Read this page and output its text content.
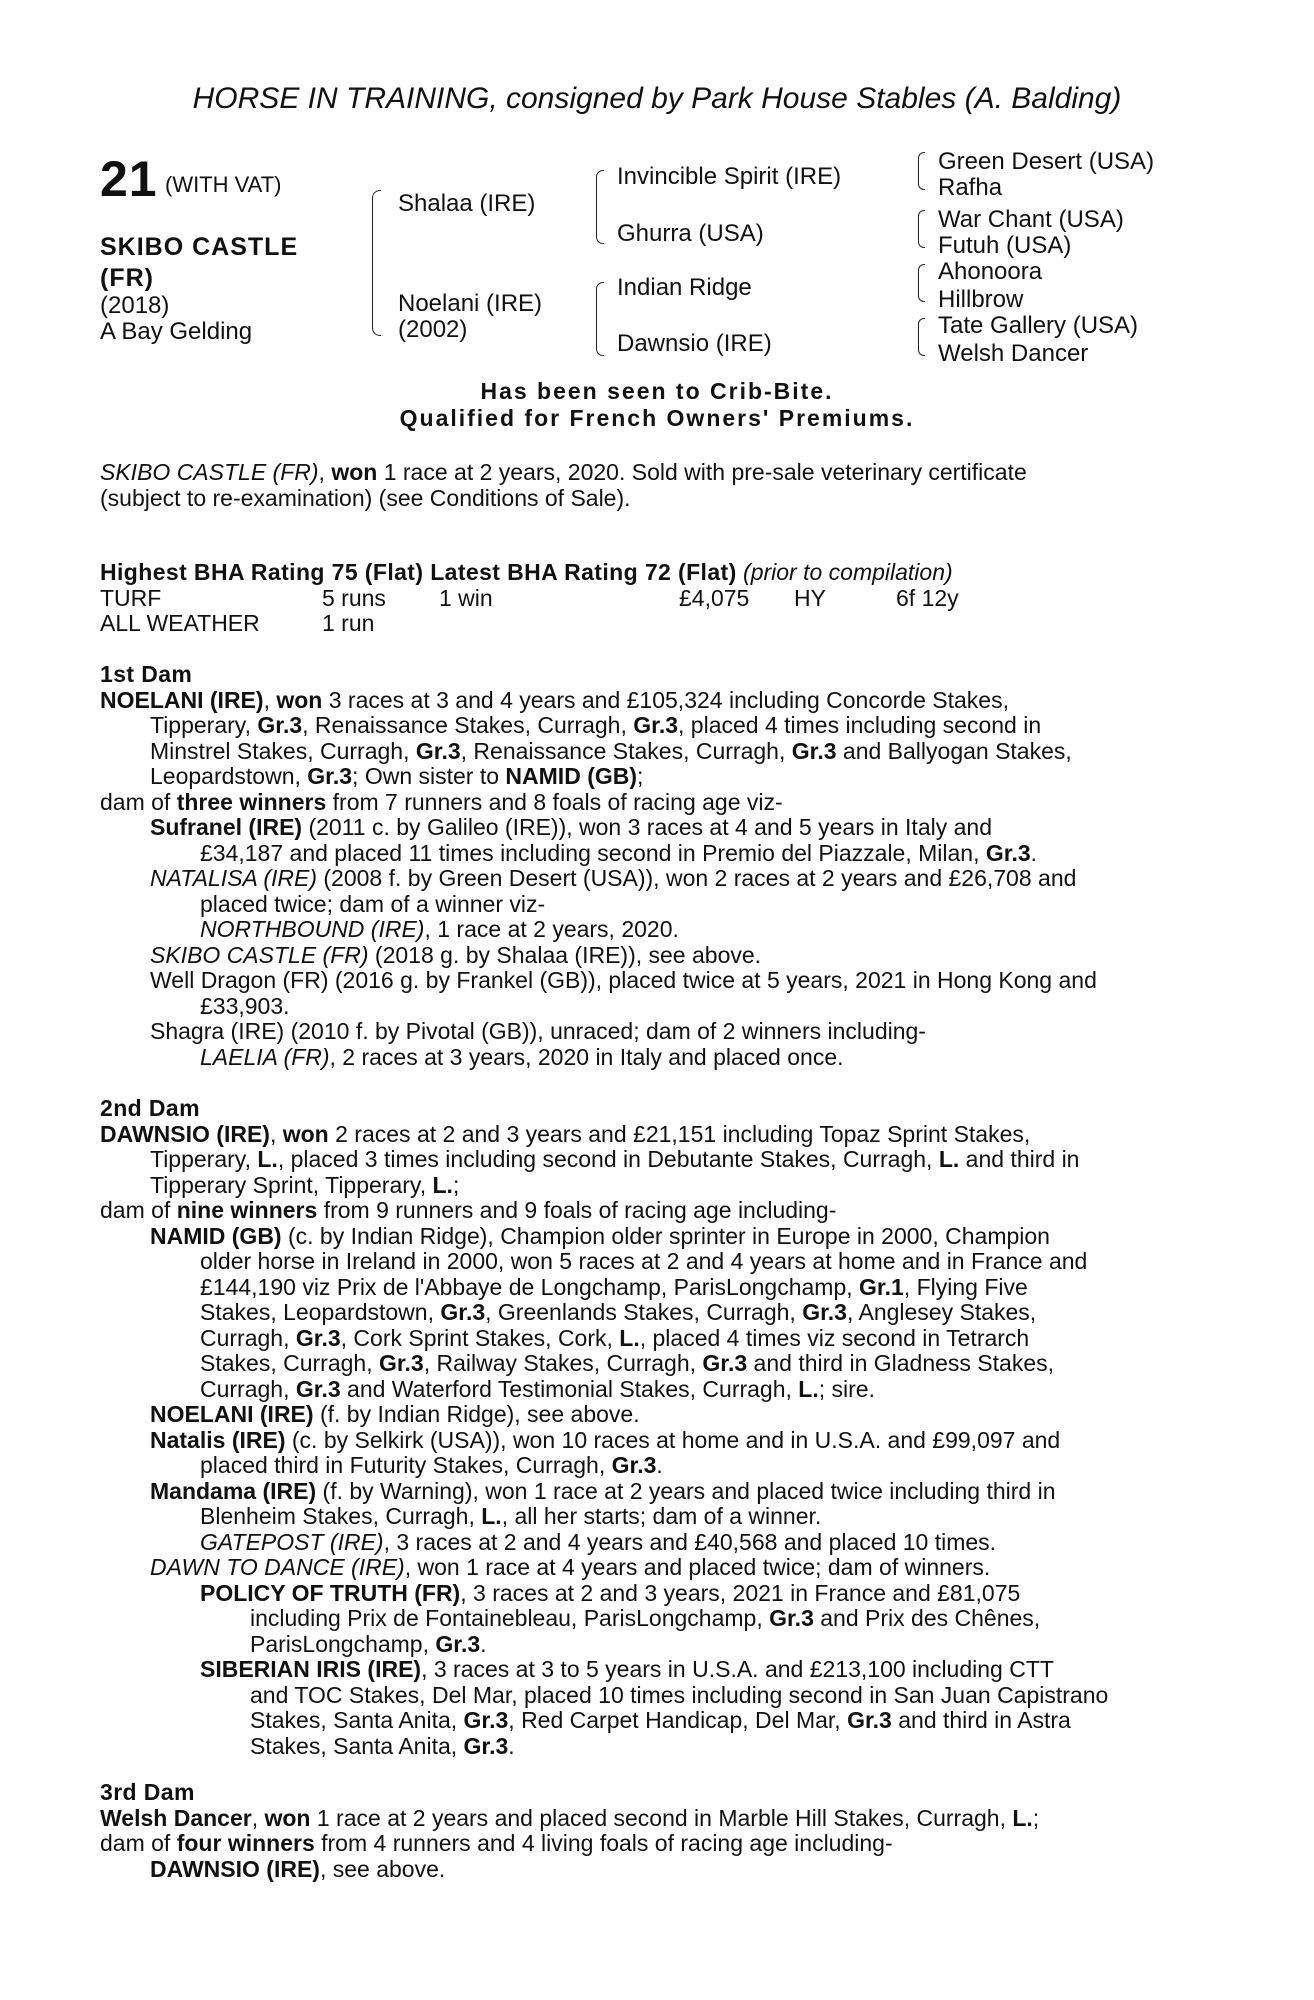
HORSE IN TRAINING, consigned by Park House Stables (A. Balding)
21 (WITH VAT)
SKIBO CASTLE
(FR)
(2018)
A Bay Gelding
Shalaa (IRE)
Noelani (IRE)
(2002)
Invincible Spirit (IRE)
Ghurra (USA)
Indian Ridge
Dawnsio (IRE)
Green Desert (USA)
Rafha
War Chant (USA)
Futuh (USA)
Ahonoora
Hillbrow
Tate Gallery (USA)
Welsh Dancer
Has been seen to Crib-Bite.
Qualified for French Owners' Premiums.

SKIBO CASTLE (FR), won 1 race at 2 years, 2020. Sold with pre-sale veterinary certificate

(subject to re-examination) (see Conditions of Sale).

Highest BHA Rating 75 (Flat) Latest BHA Rating 72 (Flat) (prior to compilation)

TURF	5 runs	1 win	£4,075	HY	6f 12y
ALL WEATHER	1 run

1st Dam

NOELANI (IRE), won 3 races at 3 and 4 years and £105,324 including Concorde Stakes,

Tipperary, Gr.3, Renaissance Stakes, Curragh, Gr.3, placed 4 times including second in

Minstrel Stakes, Curragh, Gr.3, Renaissance Stakes, Curragh, Gr.3 and Ballyogan Stakes,

Leopardstown, Gr.3; Own sister to NAMID (GB);

dam of three winners from 7 runners and 8 foals of racing age viz-

Sufranel (IRE) (2011 c. by Galileo (IRE)), won 3 races at 4 and 5 years in Italy and

£34,187 and placed 11 times including second in Premio del Piazzale, Milan, Gr.3.

NATALISA (IRE) (2008 f. by Green Desert (USA)), won 2 races at 2 years and £26,708 and

placed twice; dam of a winner viz-

NORTHBOUND (IRE), 1 race at 2 years, 2020.

SKIBO CASTLE (FR) (2018 g. by Shalaa (IRE)), see above.

Well Dragon (FR) (2016 g. by Frankel (GB)), placed twice at 5 years, 2021 in Hong Kong and

£33,903.

Shagra (IRE) (2010 f. by Pivotal (GB)), unraced; dam of 2 winners including-

LAELIA (FR), 2 races at 3 years, 2020 in Italy and placed once.

2nd Dam

DAWNSIO (IRE), won 2 races at 2 and 3 years and £21,151 including Topaz Sprint Stakes,

Tipperary, L., placed 3 times including second in Debutante Stakes, Curragh, L. and third in

Tipperary Sprint, Tipperary, L.;

dam of nine winners from 9 runners and 9 foals of racing age including-

NAMID (GB) (c. by Indian Ridge), Champion older sprinter in Europe in 2000, Champion

older horse in Ireland in 2000, won 5 races at 2 and 4 years at home and in France and

£144,190 viz Prix de l'Abbaye de Longchamp, ParisLongchamp, Gr.1, Flying Five

Stakes, Leopardstown, Gr.3, Greenlands Stakes, Curragh, Gr.3, Anglesey Stakes,

Curragh, Gr.3, Cork Sprint Stakes, Cork, L., placed 4 times viz second in Tetrarch

Stakes, Curragh, Gr.3, Railway Stakes, Curragh, Gr.3 and third in Gladness Stakes,

Curragh, Gr.3 and Waterford Testimonial Stakes, Curragh, L.; sire.

NOELANI (IRE) (f. by Indian Ridge), see above.

Natalis (IRE) (c. by Selkirk (USA)), won 10 races at home and in U.S.A. and £99,097 and

placed third in Futurity Stakes, Curragh, Gr.3.

Mandama (IRE) (f. by Warning), won 1 race at 2 years and placed twice including third in

Blenheim Stakes, Curragh, L., all her starts; dam of a winner.

GATEPOST (IRE), 3 races at 2 and 4 years and £40,568 and placed 10 times.

DAWN TO DANCE (IRE), won 1 race at 4 years and placed twice; dam of winners.

POLICY OF TRUTH (FR), 3 races at 2 and 3 years, 2021 in France and £81,075

including Prix de Fontainebleau, ParisLongchamp, Gr.3 and Prix des Chênes,

ParisLongchamp, Gr.3.

SIBERIAN IRIS (IRE), 3 races at 3 to 5 years in U.S.A. and £213,100 including CTT

and TOC Stakes, Del Mar, placed 10 times including second in San Juan Capistrano

Stakes, Santa Anita, Gr.3, Red Carpet Handicap, Del Mar, Gr.3 and third in Astra

Stakes, Santa Anita, Gr.3.

3rd Dam

Welsh Dancer, won 1 race at 2 years and placed second in Marble Hill Stakes, Curragh, L.;

dam of four winners from 4 runners and 4 living foals of racing age including-

DAWNSIO (IRE), see above.
